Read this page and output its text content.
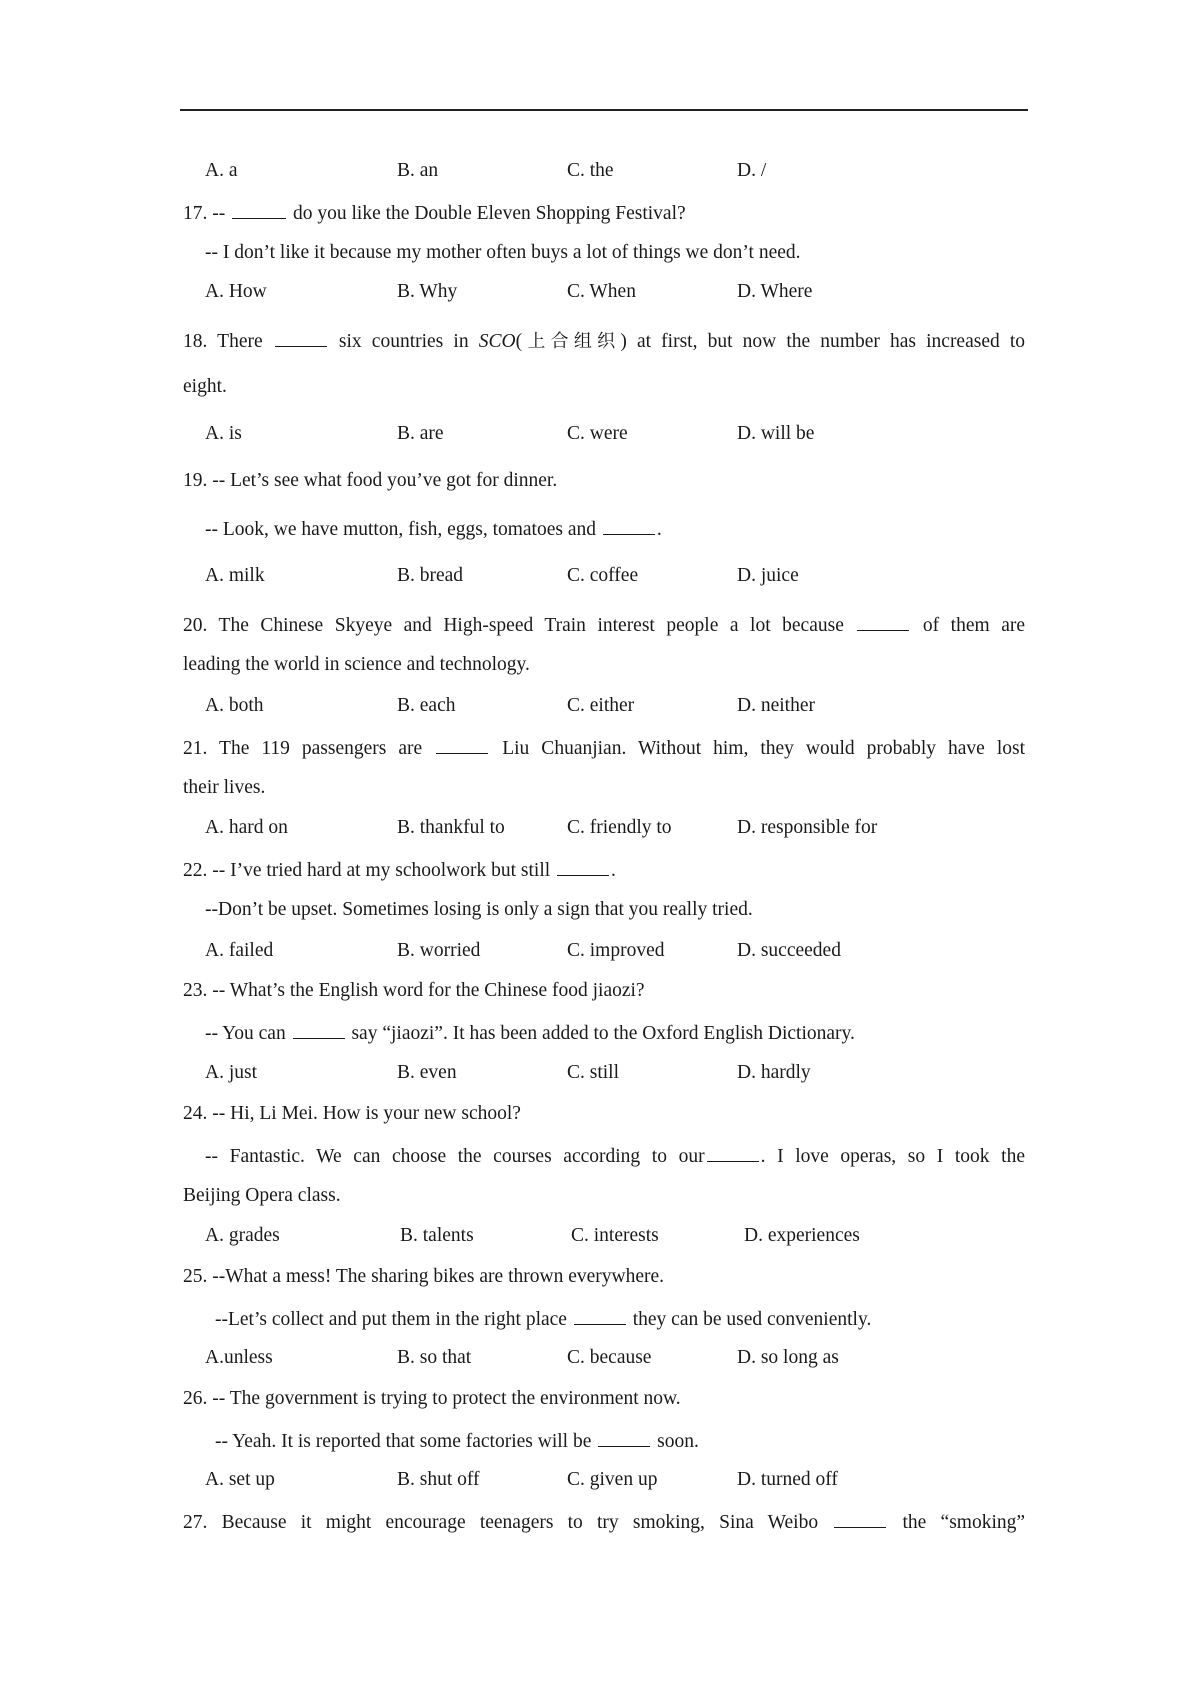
A. a	B. an	C. the	D. /
17. --	do you like the Double Eleven Shopping Festival?
-- I don’t like it because my mother often buys a lot of things we don’t need.
A. How	B. Why	C. When	D. Where
18. There	six countries in SCO(上合组织) at first, but now the number has increased to
eight.
A. is	B. are	C. were	D. will be
19. -- Let’s see what food you’ve got for dinner.
-- Look, we have mutton, fish, eggs, tomatoes and	.
A. milk	B. bread	C. coffee	D. juice
20. The Chinese Skyeye and High-speed Train interest people a lot because	of them are
leading the world in science and technology.
A. both	B. each	C. either	D. neither
21. The 119 passengers are	Liu Chuanjian. Without him, they would probably have lost
their lives.
A. hard on	B. thankful to	C. friendly to	D. responsible for
22. -- I’ve tried hard at my schoolwork but still	.
--Don’t be upset. Sometimes losing is only a sign that you really tried.
A. failed	B. worried	C. improved	D. succeeded
23. -- What’s the English word for the Chinese food jiaozi?
-- You can	say “jiaozi”. It has been added to the Oxford English Dictionary.
A. just	B. even	C. still	D. hardly
24. -- Hi, Li Mei. How is your new school?
-- Fantastic. We can choose the courses according to our	. I love operas, so I took the
Beijing Opera class.
A. grades	B. talents	C. interests	D. experiences
25. --What a mess! The sharing bikes are thrown everywhere.
--Let’s collect and put them in the right place	they can be used conveniently.
A.unless	B. so that	C. because	D. so long as
26. -- The government is trying to protect the environment now.
-- Yeah. It is reported that some factories will be	soon.
A. set up	B. shut off	C. given up	D. turned off
27. Because it might encourage teenagers to try smoking, Sina Weibo	the “smoking”
